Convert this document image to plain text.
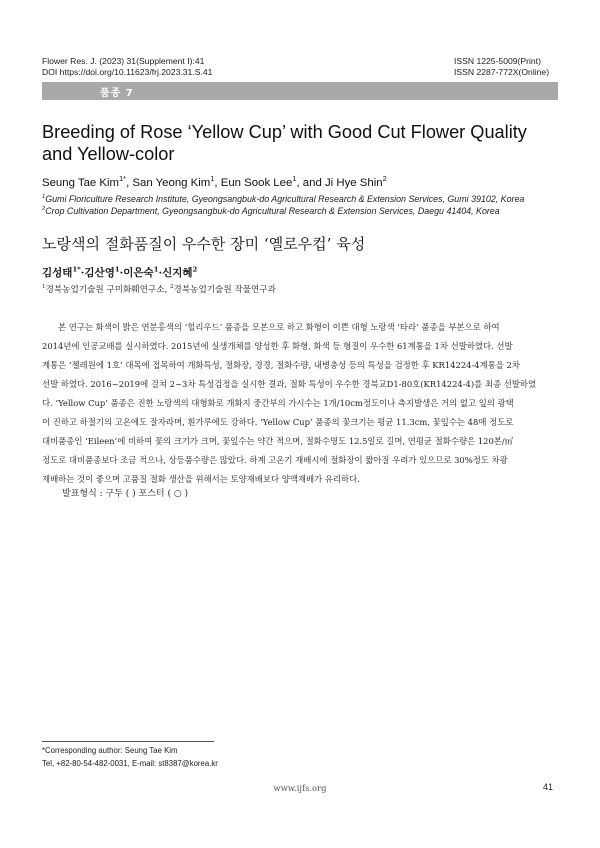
Flower Res. J. (2023) 31(Supplement I):41
DOI https://doi.org/10.11623/frj.2023.31.S.41
ISSN 1225-5009(Print)
ISSN 2287-772X(Online)
품종 7
Breeding of Rose ‘Yellow Cup’ with Good Cut Flower Quality and Yellow-color
Seung Tae Kim$^{1*}$, San Yeong Kim$^1$, Eun Sook Lee$^1$, and Ji Hye Shin$^2$
$^1$Gumi Floriculture Research Institute, Gyeongsangbuk-do Agricultural Research & Extension Services, Gumi 39102, Korea
$^2$Crop Cultivation Department, Gyeongsangbuk-do Agricultural Research & Extension Services, Daegu 41404, Korea
노랑색의 절화품질이 우수한 장미 ‘옐로우컵’ 육성
김성태$^{1*}$·김산영$^1$·이은숙$^1$·신지혜$^2$
$^1$경북농업기술원 구미화훼연구소, $^2$경북농업기술원 작물연구과
본 연구는 화색이 밝은 연분홍색의 ‘힐리우드’ 품종을 모본으로 하고 화형이 이쁜 대형 노랑색 ‘타라’ 품종을 부본으로 하여
2014년에 인공교배를 실시하였다. 2015년에 실생개체를 양성한 후 화형, 화색 등 형질이 우수한 61계통을 1차 선발하였다. 선발
계통은 ‘젤레원에 1호’ 대목에 접목하여 개화특성, 절화장, 경경, 절화수량, 내병충성 등의 특성을 검정한 후 KR14224-4계통을 2차
선발 하였다. 2016~2019에 걸쳐 2~3차 특성검정을 실시한 결과, 절화 특성이 우수한 경북교D1-80호(KR14224-4)를 최종 선발하였
다. ‘Yellow Cup’ 품종은 진한 노랑색의 대형화로 개화지 중간부의 가시수는 1개/10cm정도이나 측지발생은 거의 없고 잎의 광택
이 진하고 하절기의 고온에도 잘자라며, 흰가루에도 강하다. ‘Yellow Cup’ 품종의 꽃크기는 평균 11.3cm, 꽃잎수는 48매 정도로
대비품종인 ‘Eileen’에 비하여 꽃의 크기가 크며, 꽃잎수는 약간 적으며, 절화수명도 12.5일로 길며, 연평균 절화수량은 120본/㎡
정도로 대비품종보다 조금 적으나, 상등품수량은 많았다. 하계 고온기 재배시에 절화장이 짧아질 우려가 있으므로 30%정도 차광
재배하는 것이 좋으며 고품질 절화 생산을 위해서는 토양재배보다 양액재배가 유리하다.
발표형식 : 구두 ( ) 포스터 ( ○ )
*Corresponding author: Seung Tae Kim
Tel, +82-80-54-482-0031, E-mail: st8387@korea.kr
www.ijfs.org	41
